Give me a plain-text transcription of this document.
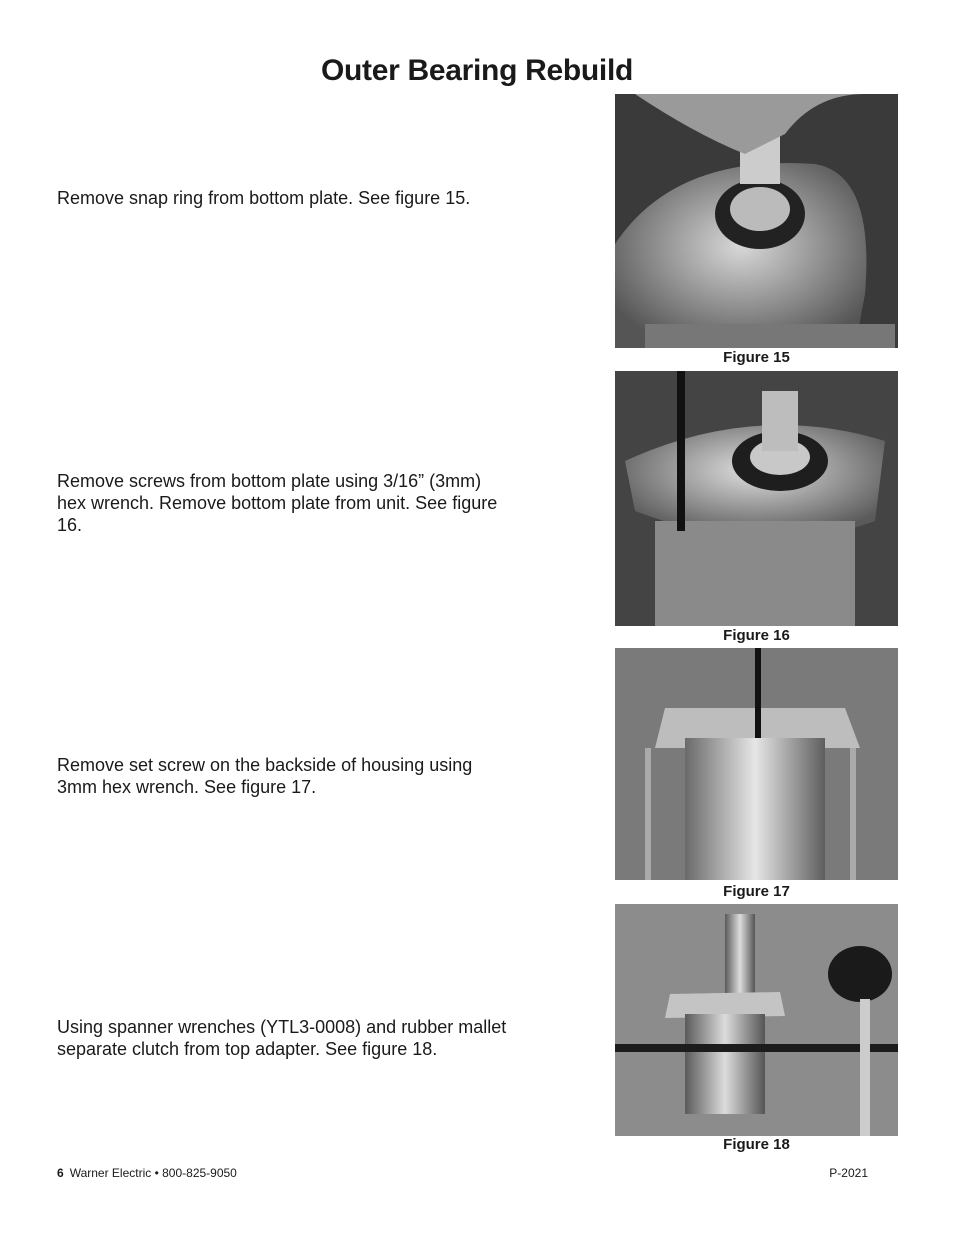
Outer Bearing Rebuild
Remove snap ring from bottom plate. See figure 15.
Figure 15
Remove screws from bottom plate using 3/16” (3mm) hex wrench. Remove bottom plate from unit. See figure 16.
Figure 16
Remove set screw on the backside of housing using 3mm hex wrench. See figure 17.
Figure 17
Using spanner wrenches (YTL3-0008) and rubber mallet separate clutch from top adapter. See figure 18.
Figure 18
6 Warner Electric • 800-825-9050	P-2021
